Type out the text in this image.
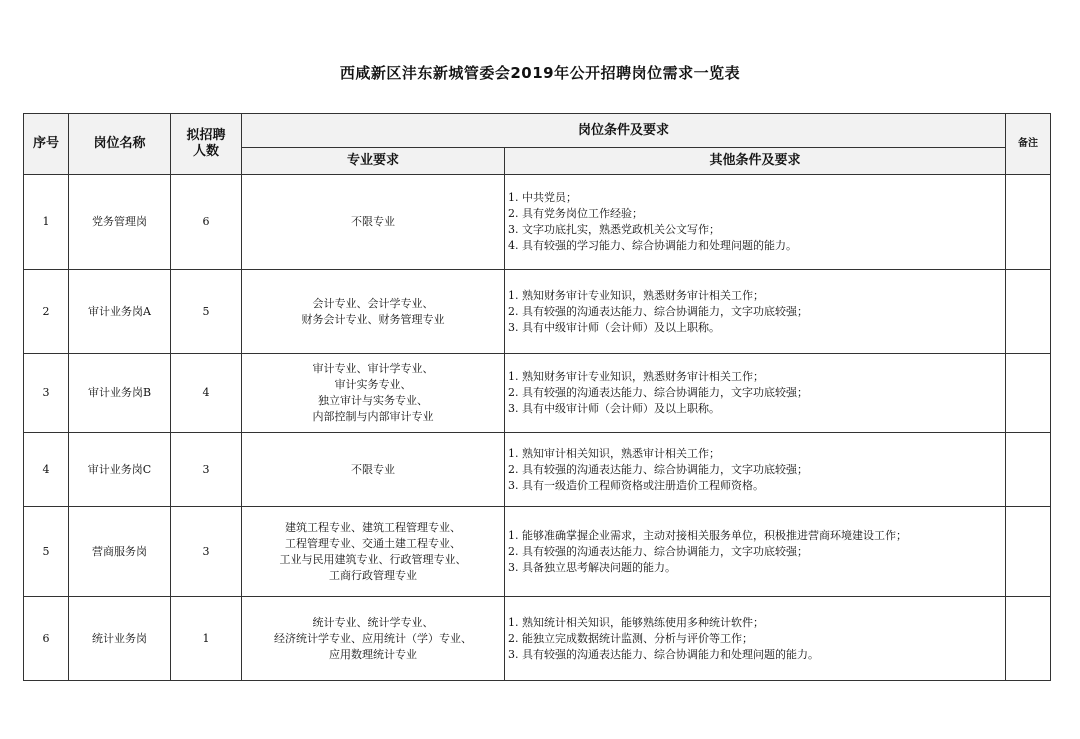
西咸新区沣东新城管委会2019年公开招聘岗位需求一览表
序号	岗位名称	拟招聘
人数	岗位条件及要求		备注
			专业要求	其他条件及要求	
1	党务管理岗	6	不限专业	1. 中共党员；
2. 具有党务岗位工作经验；
3. 文字功底扎实，熟悉党政机关公文写作；
4. 具有较强的学习能力、综合协调能力和处理问题的能力。	

2	审计业务岗A	5	会计专业、会计学专业、
财务会计专业、财务管理专业	1. 熟知财务审计专业知识，熟悉财务审计相关工作；
2. 具有较强的沟通表达能力、综合协调能力，文字功底较强；
3. 具有中级审计师（会计师）及以上职称。	

3	审计业务岗B	4	审计专业、审计学专业、
审计实务专业、
独立审计与实务专业、
内部控制与内部审计专业	1. 熟知财务审计专业知识，熟悉财务审计相关工作；
2. 具有较强的沟通表达能力、综合协调能力，文字功底较强；
3. 具有中级审计师（会计师）及以上职称。	

4	审计业务岗C	3	不限专业	1. 熟知审计相关知识，熟悉审计相关工作；
2. 具有较强的沟通表达能力、综合协调能力，文字功底较强；
3. 具有一级造价工程师资格或注册造价工程师资格。	

5	营商服务岗	3	建筑工程专业、建筑工程管理专业、
工程管理专业、交通土建工程专业、
工业与民用建筑专业、行政管理专业、
工商行政管理专业	1. 能够准确掌握企业需求，主动对接相关服务单位，积极推进营商环境建设工作；
2. 具有较强的沟通表达能力、综合协调能力，文字功底较强；
3. 具备独立思考解决问题的能力。	

6	统计业务岗	1	统计专业、统计学专业、
经济统计学专业、应用统计（学）专业、
应用数理统计专业	1. 熟知统计相关知识，能够熟练使用多种统计软件；
2. 能独立完成数据统计监测、分析与评价等工作；
3. 具有较强的沟通表达能力、综合协调能力和处理问题的能力。	
